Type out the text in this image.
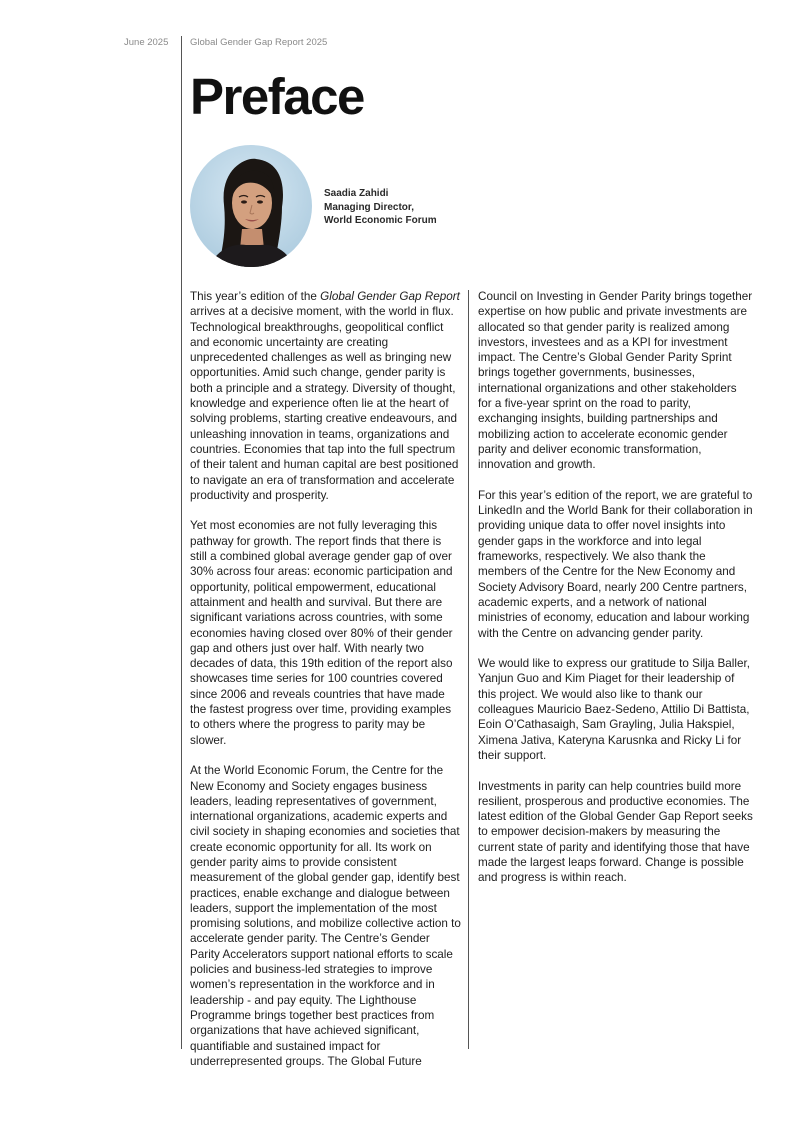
June 2025 Global Gender Gap Report 2025
Preface
Saadia Zahidi
Managing Director,
World Economic Forum

This year’s edition of the Global Gender Gap Report arrives at a decisive moment, with the world in flux. Technological breakthroughs, geopolitical conflict and economic uncertainty are creating unprecedented challenges as well as bringing new opportunities. Amid such change, gender parity is both a principle and a strategy. Diversity of thought, knowledge and experience often lie at the heart of solving problems, starting creative endeavours, and unleashing innovation in teams, organizations and countries. Economies that tap into the full spectrum of their talent and human capital are best positioned to navigate an era of transformation and accelerate productivity and prosperity.

Yet most economies are not fully leveraging this pathway for growth. The report finds that there is still a combined global average gender gap of over 30% across four areas: economic participation and opportunity, political empowerment, educational attainment and health and survival. But there are significant variations across countries, with some economies having closed over 80% of their gender gap and others just over half. With nearly two decades of data, this 19th edition of the report also showcases time series for 100 countries covered since 2006 and reveals countries that have made the fastest progress over time, providing examples to others where the progress to parity may be slower.

At the World Economic Forum, the Centre for the New Economy and Society engages business leaders, leading representatives of government, international organizations, academic experts and civil society in shaping economies and societies that create economic opportunity for all. Its work on gender parity aims to provide consistent measurement of the global gender gap, identify best practices, enable exchange and dialogue between leaders, support the implementation of the most promising solutions, and mobilize collective action to accelerate gender parity. The Centre’s Gender Parity Accelerators support national efforts to scale policies and business-led strategies to improve women’s representation in the workforce and in leadership - and pay equity. The Lighthouse Programme brings together best practices from organizations that have achieved significant, quantifiable and sustained impact for underrepresented groups. The Global Future

Council on Investing in Gender Parity brings together expertise on how public and private investments are allocated so that gender parity is realized among investors, investees and as a KPI for investment impact. The Centre’s Global Gender Parity Sprint brings together governments, businesses, international organizations and other stakeholders for a five-year sprint on the road to parity, exchanging insights, building partnerships and mobilizing action to accelerate economic gender parity and deliver economic transformation, innovation and growth.

For this year’s edition of the report, we are grateful to LinkedIn and the World Bank for their collaboration in providing unique data to offer novel insights into gender gaps in the workforce and into legal frameworks, respectively. We also thank the members of the Centre for the New Economy and Society Advisory Board, nearly 200 Centre partners, academic experts, and a network of national ministries of economy, education and labour working with the Centre on advancing gender parity.

We would like to express our gratitude to Silja Baller, Yanjun Guo and Kim Piaget for their leadership of this project. We would also like to thank our colleagues Mauricio Baez-Sedeno, Attilio Di Battista, Eoin O’Cathasaigh, Sam Grayling, Julia Hakspiel, Ximena Jativa, Kateryna Karusnka and Ricky Li for their support.

Investments in parity can help countries build more resilient, prosperous and productive economies. The latest edition of the Global Gender Gap Report seeks to empower decision-makers by measuring the current state of parity and identifying those that have made the largest leaps forward. Change is possible and progress is within reach.
